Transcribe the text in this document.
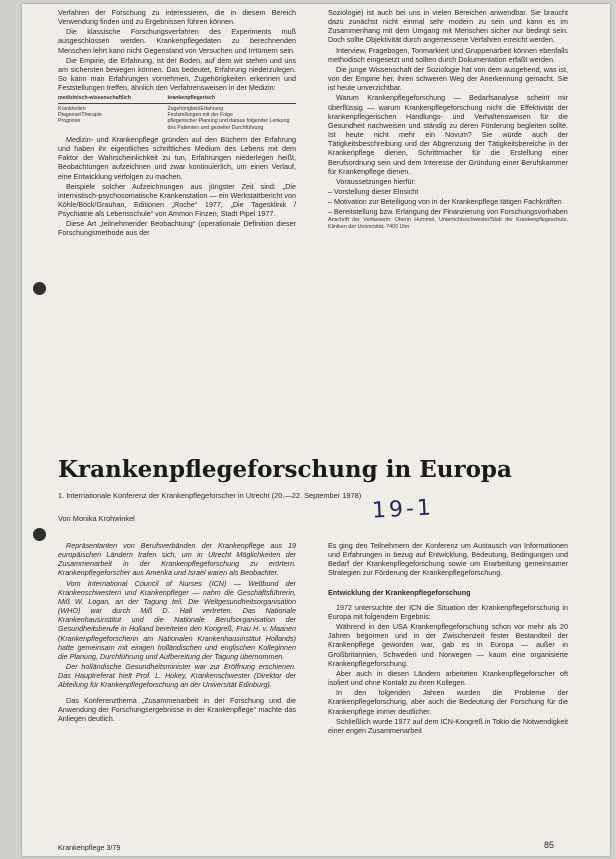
Verfahren der Forschung zu interessieren, die in diesem Bereich Verwendung finden und zu Ergebnissen führen können.

Die klassische Forschungsverfahren des Experiments muß ausgeschlossen werden. Krankenpflegedaten zu berechnenden Menschen lehrt kann nicht Gegenstand von Versuchen und Irrtümern sein.

Die Empirie, die Erfahrung, ist der Boden, auf dem wir stehen und uns am sichersten bewegen können. Das bedeutet, Erfahrung niederzulegen. So kann man Erfahrungen vornehmen, Zugehörigkeiten erkennen und Feststellungen treffen, ähnlich den Verfahrensweisen in der Medizin:

medizinisch-wissenschaftlich	krankenpflegerisch
Krankheiten	Zugehörigkeit/Erfahrung
Diagnose/Therapie	Feststellungen mit der Folge
Prognose	pflegerischer Planung und daraus folgender Lenkung des Patienten und gezielter Durchführung

Medizin- und Krankenpflege gründen auf den Büchern der Erfahrung und haben ihr eigentliches schriftliches Medium des Lebens mit dem Faktor der Wahrscheinlichkeit zu tun, Erfahrungen niederlegen heißt, Beobachtungen aufzeichnen und zwar kontinuierlich, um einen Verlauf, eine Entwicklung verfolgen zu machen.

Beispiele solcher Aufzeichnungen aus jüngster Zeit sind: „Die internistisch-psychosomatische Krankenstation — ein Werkstattbericht von Köhle/Böck/Grauhan, Editionen „Roche“ 1977, „Die Tagesklinik / Psychiatrie als Lebensschule“ von Ammon Finzen, Stadt Pipel 1977.

Diese Art „teilnehmender Beobachtung“ (operationale Definition dieser Forschungsmethode aus der

Soziologie) ist auch bei uns in vielen Bereichen anwendbar. Sie braucht dazu zunächst nicht einmal sehr modern zu sein und kann es im Zusammenhang mit dem Umgang mit Menschen sicher nur bedingt sein. Doch sollte Objektivität durch angemessene Verfahren erreicht werden.

Interview, Fragebogen, Tonmarkiert und Gruppenarbeit können ebenfalls methodisch eingesetzt und sollten durch Dokumentation erfaßt werden.

Die junge Wissenschaft der Soziologie hat von dem ausgehend, was ist, von der Empirie her, ihren schweren Weg der Anerkennung gemacht. Sie ist heute unverzichtbar.

Warum Krankenpflegeforschung — Bedarfsanalyse scheint mir überflüssig — warum Krankenpflegeforschung nicht die Effektivität der krankenpflegerischen Handlungs- und Verhaltensweisen für die Gesundheit nachweisen und ständig zu deren Förderung begleiten sollte. Ist heute nicht mehr ein Novum? Sie würde auch der Tätigkeitsbeschreibung und der Abgrenzung der Tätigkeitsbereiche in der Krankenpflege dienen, Schrittmacher für die Erstellung einer Berufsordnung sein und dem Interesse der Gründung einer Berufskammer für Krankenpflege dienen.

Voraussetzungen hierfür:

– Vorstellung dieser Einsicht

– Motivation zur Beteiligung von in der Krankenpflege tätigen Fachkräften

– Bereitstellung bzw. Erlangung der Finanzierung von Forschungsvorhaben

Anschrift der Verfasserin: Oberin Hummel, Unterrichtsschwester/Stab der Krankenpflegeschule, Kliniken der Universität, 7400 Ulm

Krankenpflegeforschung in Europa
1. Internationale Konferenz der Krankenpflegeforscher in Utrecht (20.—22. September 1978)
Von Monika Krohwinkel	19-1

Repräsentanten von Berufsverbänden der Krankenpflege aus 19 europäischen Ländern trafen sich, um in Utrecht Möglichkeiten der Zusammenarbeit in der Krankenpflegeforschung zu erörtern. Krankenpflegeforscher aus Amerika und Israel waren als Beobachter.

Vom International Council of Nurses (ICN) — Weltbund der Krankenschwestern und Krankenpfleger — nahm die Geschäftsführerin, Miß W. Logan, an der Tagung teil. Die Weltgesundheitsorganisation (WHO) war durch Miß D. Hall vertreten. Das Nationale Krankenhausinstitut und die Nationale Berufsorganisation der Gesundheitsberufe in Holland bereiteten den Kongreß, Frau H. v. Maanen (Krankenpflegeforscherin am Nationalen Krankenhausinstitut Hollands) hatte gemeinsam mit einigen holländischen und englischen Kolleginnen die Planung, Durchführung und Aufbereitung der Tagung übernommen.

Der holländische Gesundheitsminister war zur Eröffnung erschienen. Das Hauptreferat hielt Prof. L. Hokey, Krankenschwester (Direktor der Abteilung für Krankenpflegeforschung an der Universität Edinburg).

Das Konferenzthema „Zusammenarbeit in der Forschung und die Anwendung der Forschungsergebnisse in der Krankenpflege“ machte das Anliegen deutlich.

Es ging den Teilnehmern der Konferenz um Austausch von Informationen und Erfahrungen in bezug auf Entwicklung, Bedeutung, Bedingungen und Bedarf der Krankenpflegeforschung sowie um Erarbeitung gemeinsamer Strategien zur Förderung der Krankenpflegeforschung.

Entwicklung der Krankenpflegeforschung

1972 untersuchte der ICN die Situation der Krankenpflegeforschung in Europa mit folgendem Ergebnis:

Während in den USA Krankenpflegeforschung schon vor mehr als 20 Jahren begonnen und in der Zwischenzeit fester Bestandteil der Krankenpflege geworden war, gab es in Europa — außer in Großbritannien, Schweden und Norwegen — kaum eine organisierte Krankenpflegeforschung.

Aber auch in diesen Ländern arbeiteten Krankenpflegeforscher oft isoliert und ohne Kontakt zu ihren Kollegen.

In den folgenden Jahren wurden die Probleme der Krankenpflegeforschung, aber auch die Bedeutung der Forschung für die Krankenpflege immer deutlicher.

Schließlich wurde 1977 auf dem ICN-Kongreß in Tokio die Notwendigkeit einer engen Zusammenarbeit

Krankenpflege 3/79	85
